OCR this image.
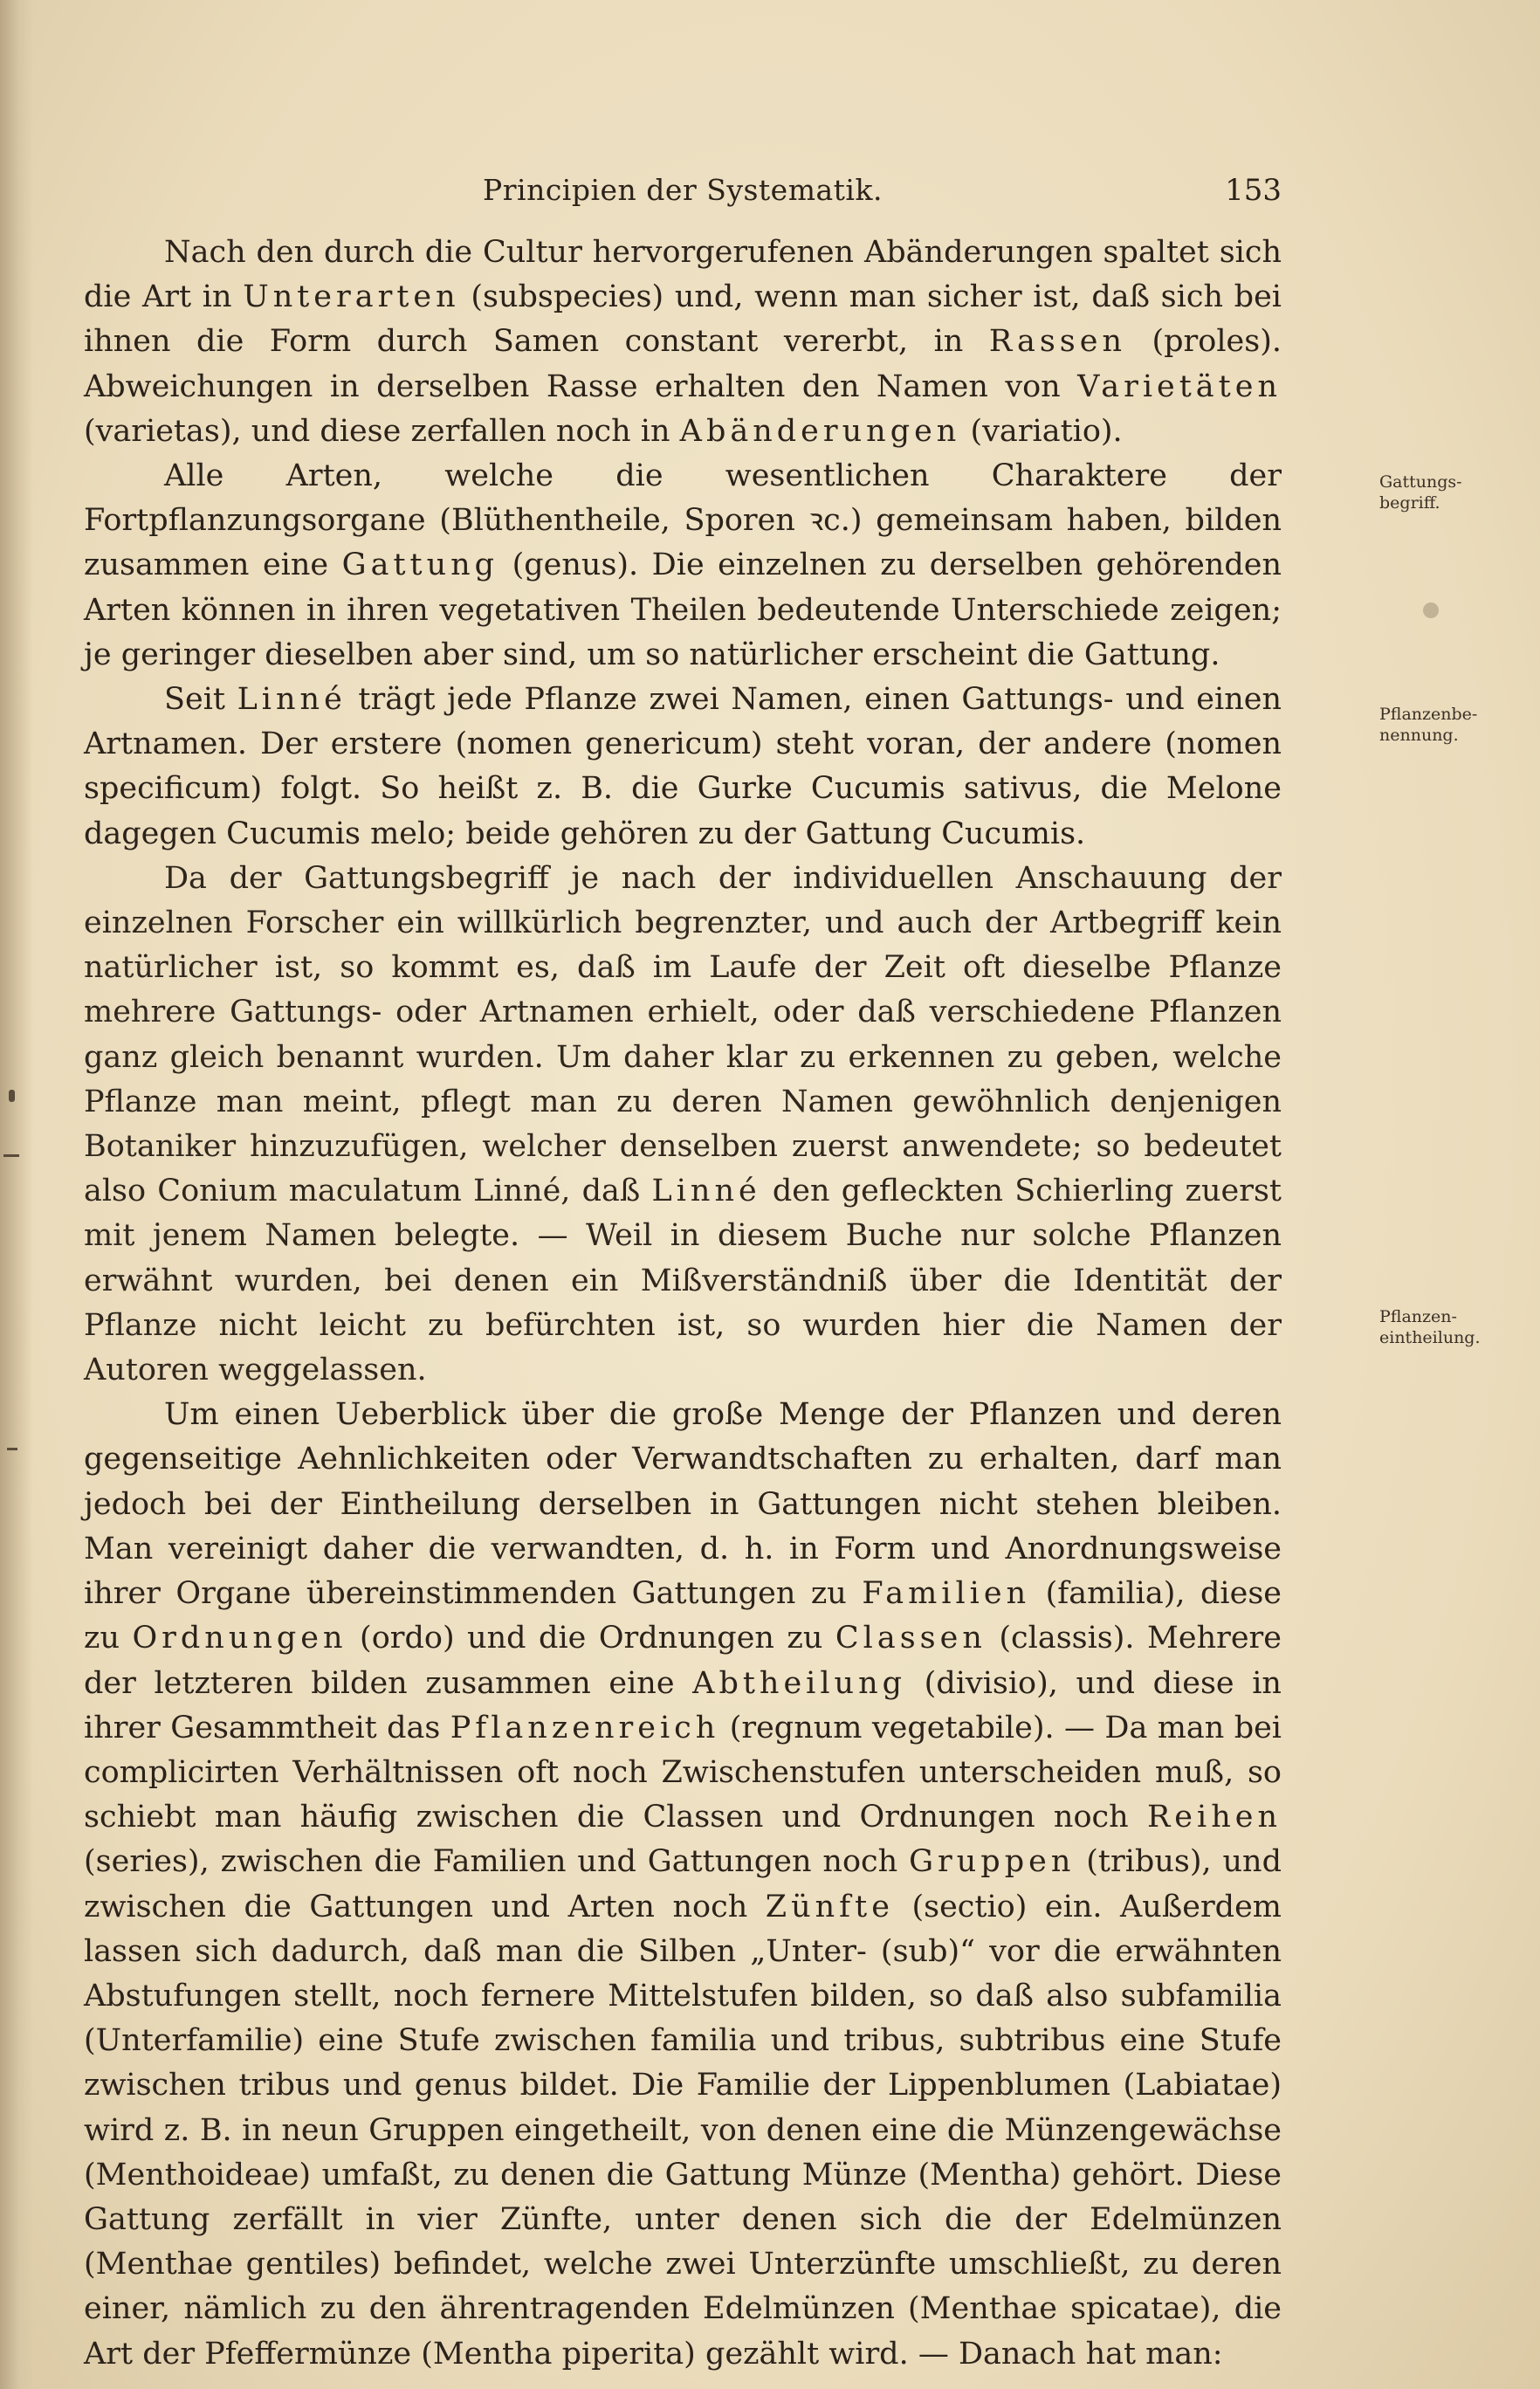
Principien der Systematik.	153

Nach den durch die Cultur hervorgerufenen Abänderungen spaltet sich die Art in Unterarten (subspecies) und, wenn man sicher ist, daß sich bei ihnen die Form durch Samen constant vererbt, in Rassen (proles). Abweichungen in derselben Rasse erhalten den Namen von Varietäten (varietas), und diese zerfallen noch in Abänderungen (variatio).

Alle Arten, welche die wesentlichen Charaktere der Fortpflanzungsorgane (Blüthentheile, Sporen ꝛc.) gemeinsam haben, bilden zusammen eine Gattung (genus). Die einzelnen zu derselben gehörenden Arten können in ihren vegetativen Theilen bedeutende Unterschiede zeigen; je geringer dieselben aber sind, um so natürlicher erscheint die Gattung.

Seit Linné trägt jede Pflanze zwei Namen, einen Gattungs- und einen Artnamen. Der erstere (nomen genericum) steht voran, der andere (nomen specificum) folgt. So heißt z. B. die Gurke Cucumis sativus, die Melone dagegen Cucumis melo; beide gehören zu der Gattung Cucumis.

Da der Gattungsbegriff je nach der individuellen Anschauung der einzelnen Forscher ein willkürlich begrenzter, und auch der Artbegriff kein natürlicher ist, so kommt es, daß im Laufe der Zeit oft dieselbe Pflanze mehrere Gattungs- oder Artnamen erhielt, oder daß verschiedene Pflanzen ganz gleich benannt wurden. Um daher klar zu erkennen zu geben, welche Pflanze man meint, pflegt man zu deren Namen gewöhnlich denjenigen Botaniker hinzuzufügen, welcher denselben zuerst anwendete; so bedeutet also Conium maculatum Linné, daß Linné den gefleckten Schierling zuerst mit jenem Namen belegte. — Weil in diesem Buche nur solche Pflanzen erwähnt wurden, bei denen ein Mißverständniß über die Identität der Pflanze nicht leicht zu befürchten ist, so wurden hier die Namen der Autoren weggelassen.

Um einen Ueberblick über die große Menge der Pflanzen und deren gegenseitige Aehnlichkeiten oder Verwandtschaften zu erhalten, darf man jedoch bei der Eintheilung derselben in Gattungen nicht stehen bleiben. Man vereinigt daher die verwandten, d. h. in Form und Anordnungsweise ihrer Organe übereinstimmenden Gattungen zu Familien (familia), diese zu Ordnungen (ordo) und die Ordnungen zu Classen (classis). Mehrere der letzteren bilden zusammen eine Abtheilung (divisio), und diese in ihrer Gesammtheit das Pflanzenreich (regnum vegetabile). — Da man bei complicirten Verhältnissen oft noch Zwischenstufen unterscheiden muß, so schiebt man häufig zwischen die Classen und Ordnungen noch Reihen (series), zwischen die Familien und Gattungen noch Gruppen (tribus), und zwischen die Gattungen und Arten noch Zünfte (sectio) ein. Außerdem lassen sich dadurch, daß man die Silben „Unter- (sub)“ vor die erwähnten Abstufungen stellt, noch fernere Mittelstufen bilden, so daß also subfamilia (Unterfamilie) eine Stufe zwischen familia und tribus, subtribus eine Stufe zwischen tribus und genus bildet. Die Familie der Lippenblumen (Labiatae) wird z. B. in neun Gruppen eingetheilt, von denen eine die Münzengewächse (Menthoideae) umfaßt, zu denen die Gattung Münze (Mentha) gehört. Diese Gattung zerfällt in vier Zünfte, unter denen sich die der Edelmünzen (Menthae gentiles) befindet, welche zwei Unterzünfte umschließt, zu deren einer, nämlich zu den ährentragenden Edelmünzen (Menthae spicatae), die Art der Pfeffermünze (Mentha piperita) gezählt wird. — Danach hat man:

Gattungs-
begriff.
Pflanzenbe-
nennung.
Pflanzen-
eintheilung.
